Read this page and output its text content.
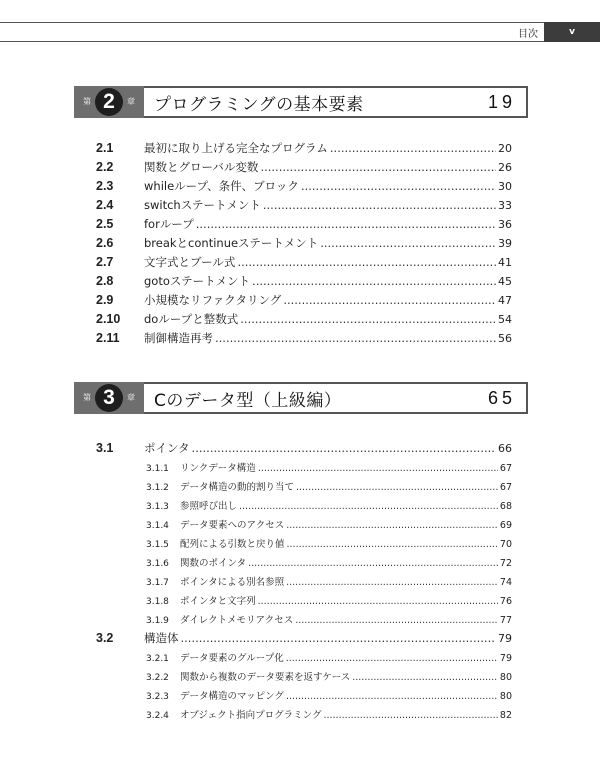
目次	v
第 2	章 プログラミングの基本要素	19
2.1	最初に取り上げる完全なプログラム .....	20
2.2	関数とグローバル変数 .....	26
2.3	whileループ、条件、ブロック .....	30
2.4	switchステートメント .....	33
2.5	forループ .....	36
2.6	breakとcontinueステートメント .....	39
2.7	文字式とブール式 .....	41
2.8	gotoステートメント .....	45
2.9	小規模なリファクタリング .....	47
2.10	doループと整数式 .....	54
2.11	制御構造再考 .....	56
第 3	章 Cのデータ型（上級編）	65
3.1	ポインタ .....	66
3.1.1	リンクデータ構造 .....	67
3.1.2	データ構造の動的割り当て .....	67
3.1.3	参照呼び出し .....	68
3.1.4	データ要素へのアクセス .....	69
3.1.5	配列による引数と戻り値 .....	70
3.1.6	関数のポインタ .....	72
3.1.7	ポインタによる別名参照 .....	74
3.1.8	ポインタと文字列 .....	76
3.1.9	ダイレクトメモリアクセス .....	77
3.2	構造体 .....	79
3.2.1	データ要素のグループ化 .....	79
3.2.2	関数から複数のデータ要素を返すケース .....	80
3.2.3	データ構造のマッピング .....	80
3.2.4	オブジェクト指向プログラミング .....	82
